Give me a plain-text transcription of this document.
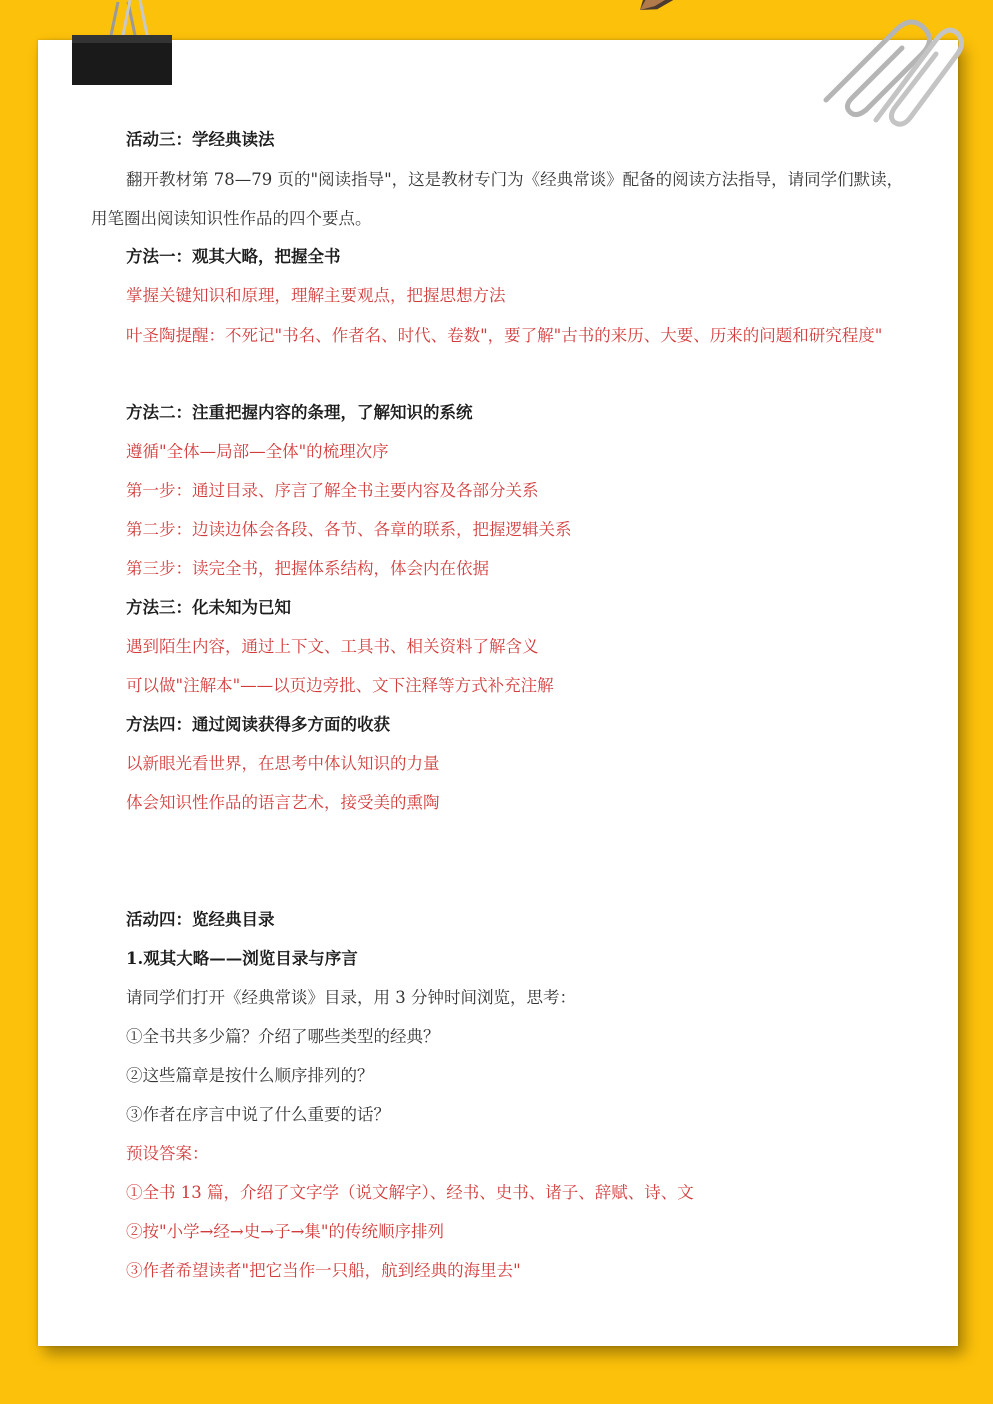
@一起备课
活动三：学经典读法
翻开教材第 78—79 页的"阅读指导"，这是教材专门为《经典常谈》配备的阅读方法指导，请同学们默读，用笔圈出阅读知识性作品的四个要点。
方法一：观其大略，把握全书
掌握关键知识和原理，理解主要观点，把握思想方法
叶圣陶提醒：不死记"书名、作者名、时代、卷数"，要了解"古书的来历、大要、历来的问题和研究程度"
方法二：注重把握内容的条理，了解知识的系统
遵循"全体—局部—全体"的梳理次序
第一步：通过目录、序言了解全书主要内容及各部分关系
第二步：边读边体会各段、各节、各章的联系，把握逻辑关系
第三步：读完全书，把握体系结构，体会内在依据
方法三：化未知为已知
遇到陌生内容，通过上下文、工具书、相关资料了解含义
可以做"注解本"——以页边旁批、文下注释等方式补充注解
方法四：通过阅读获得多方面的收获
以新眼光看世界，在思考中体认知识的力量
体会知识性作品的语言艺术，接受美的熏陶
活动四：览经典目录
1.观其大略——浏览目录与序言
请同学们打开《经典常谈》目录，用 3 分钟时间浏览，思考：
①全书共多少篇？介绍了哪些类型的经典？
②这些篇章是按什么顺序排列的？
③作者在序言中说了什么重要的话？
预设答案：
①全书 13 篇，介绍了文字学（说文解字）、经书、史书、诸子、辞赋、诗、文
②按"小学→经→史→子→集"的传统顺序排列
③作者希望读者"把它当作一只船，航到经典的海里去"
